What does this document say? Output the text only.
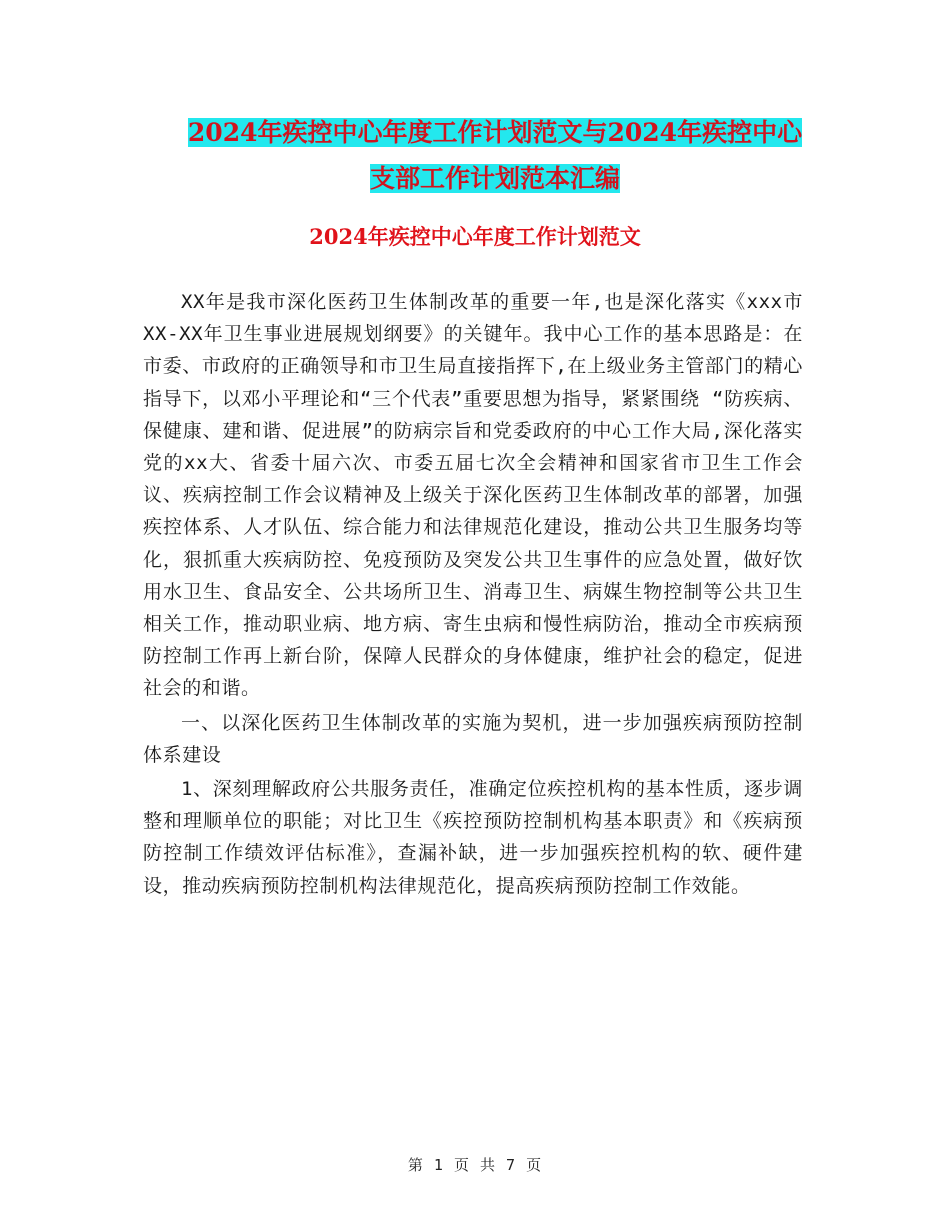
2024年疾控中心年度工作计划范文与2024年疾控中心
支部工作计划范本汇编
2024年疾控中心年度工作计划范文

XX年是我市深化医药卫生体制改革的重要一年,也是深化落实《xxx市XX-XX年卫生事业进展规划纲要》的关键年。我中心工作的基本思路是：在市委、市政府的正确领导和市卫生局直接指挥下,在上级业务主管部门的精心指导下，以邓小平理论和“三个代表”重要思想为指导，紧紧围绕 “防疾病、保健康、建和谐、促进展”的防病宗旨和党委政府的中心工作大局,深化落实党的xx大、省委十届六次、市委五届七次全会精神和国家省市卫生工作会议、疾病控制工作会议精神及上级关于深化医药卫生体制改革的部署，加强疾控体系、人才队伍、综合能力和法律规范化建设，推动公共卫生服务均等化，狠抓重大疾病防控、免疫预防及突发公共卫生事件的应急处置，做好饮用水卫生、食品安全、公共场所卫生、消毒卫生、病媒生物控制等公共卫生相关工作，推动职业病、地方病、寄生虫病和慢性病防治，推动全市疾病预防控制工作再上新台阶，保障人民群众的身体健康，维护社会的稳定，促进社会的和谐。

一、以深化医药卫生体制改革的实施为契机，进一步加强疾病预防控制体系建设

1、深刻理解政府公共服务责任，准确定位疾控机构的基本性质，逐步调整和理顺单位的职能；对比卫生《疾控预防控制机构基本职责》和《疾病预防控制工作绩效评估标准》，查漏补缺，进一步加强疾控机构的软、硬件建设，推动疾病预防控制机构法律规范化，提高疾病预防控制工作效能。

第 1 页 共 7 页
